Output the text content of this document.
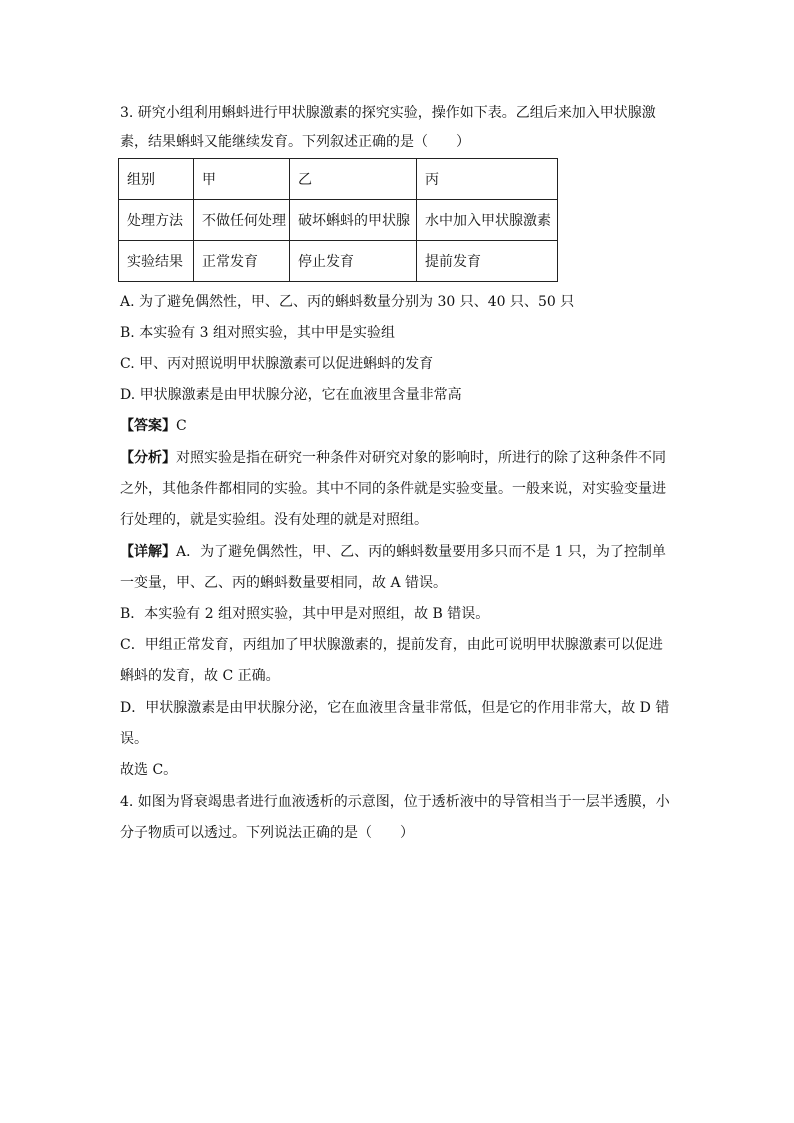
3. 研究小组利用蝌蚪进行甲状腺激素的探究实验，操作如下表。乙组后来加入甲状腺激
素，结果蝌蚪又能继续发育。下列叙述正确的是（　　）
组别	甲	乙	丙
处理方法	不做任何处理	破坏蝌蚪的甲状腺	水中加入甲状腺激素
实验结果	正常发育	停止发育	提前发育
A. 为了避免偶然性，甲、乙、丙的蝌蚪数量分别为 30 只、40 只、50 只
B. 本实验有 3 组对照实验，其中甲是实验组
C. 甲、丙对照说明甲状腺激素可以促进蝌蚪的发育
D. 甲状腺激素是由甲状腺分泌，它在血液里含量非常高
【答案】C
【分析】对照实验是指在研究一种条件对研究对象的影响时，所进行的除了这种条件不同
之外，其他条件都相同的实验。其中不同的条件就是实验变量。一般来说，对实验变量进
行处理的，就是实验组。没有处理的就是对照组。
【详解】A．为了避免偶然性，甲、乙、丙的蝌蚪数量要用多只而不是 1 只，为了控制单
一变量，甲、乙、丙的蝌蚪数量要相同，故 A 错误。
B．本实验有 2 组对照实验，其中甲是对照组，故 B 错误。
C．甲组正常发育，丙组加了甲状腺激素的，提前发育，由此可说明甲状腺激素可以促进
蝌蚪的发育，故 C 正确。
D．甲状腺激素是由甲状腺分泌，它在血液里含量非常低，但是它的作用非常大，故 D 错
误。
故选 C。
4. 如图为肾衰竭患者进行血液透析的示意图，位于透析液中的导管相当于一层半透膜，小
分子物质可以透过。下列说法正确的是（　　）
